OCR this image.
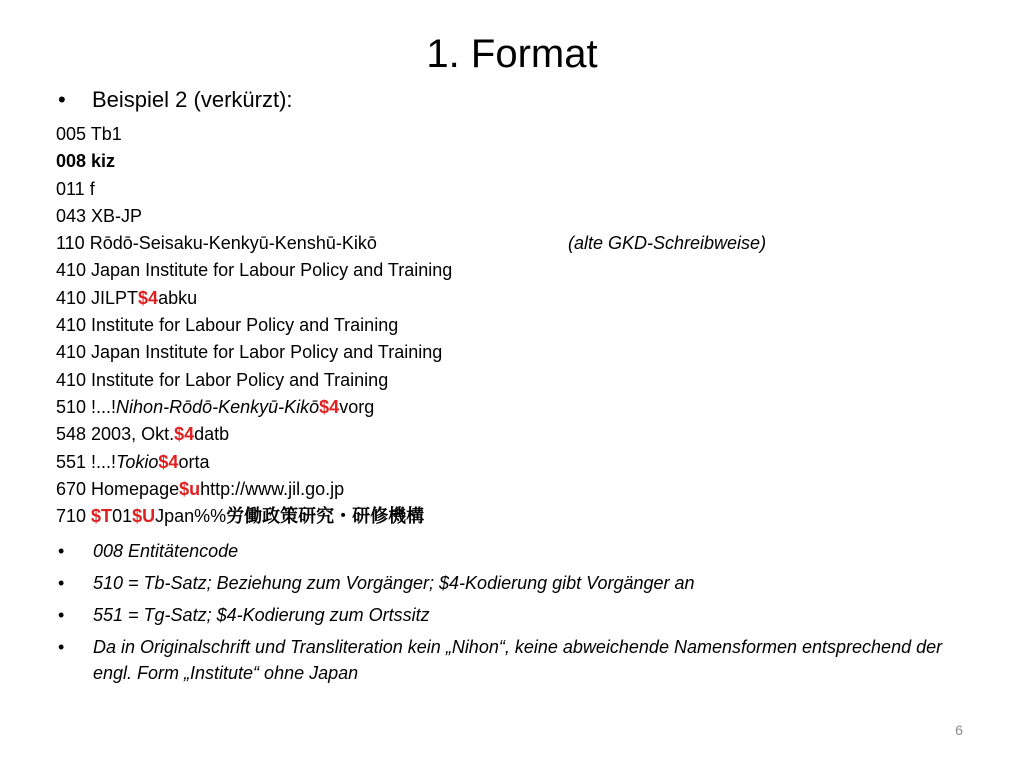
1. Format
• Beispiel 2 (verkürzt):
005 Tb1
008 kiz
011 f
043 XB-JP
110 Rōdō-Seisaku-Kenkyū-Kenshū-Kikō	(alte GKD-Schreibweise)
410 Japan Institute for Labour Policy and Training
410 JILPT$4abku
410 Institute for Labour Policy and Training
410 Japan Institute for Labor Policy and Training
410 Institute for Labor Policy and Training
510 !...!Nihon-Rōdō-Kenkyū-Kikō$4vorg
548 2003, Okt.$4datb
551 !...!Tokio$4orta
670 Homepage$uhttp://www.jil.go.jp
710 $T01$UJpan%%労働政策研究・研修機構
• 008 Entitätencode
• 510 = Tb-Satz; Beziehung zum Vorgänger; $4-Kodierung gibt Vorgänger an
• 551 = Tg-Satz; $4-Kodierung zum Ortssitz
• Da in Originalschrift und Transliteration kein „Nihon“, keine abweichende Namensformen entsprechend der engl. Form „Institute“ ohne Japan
6
